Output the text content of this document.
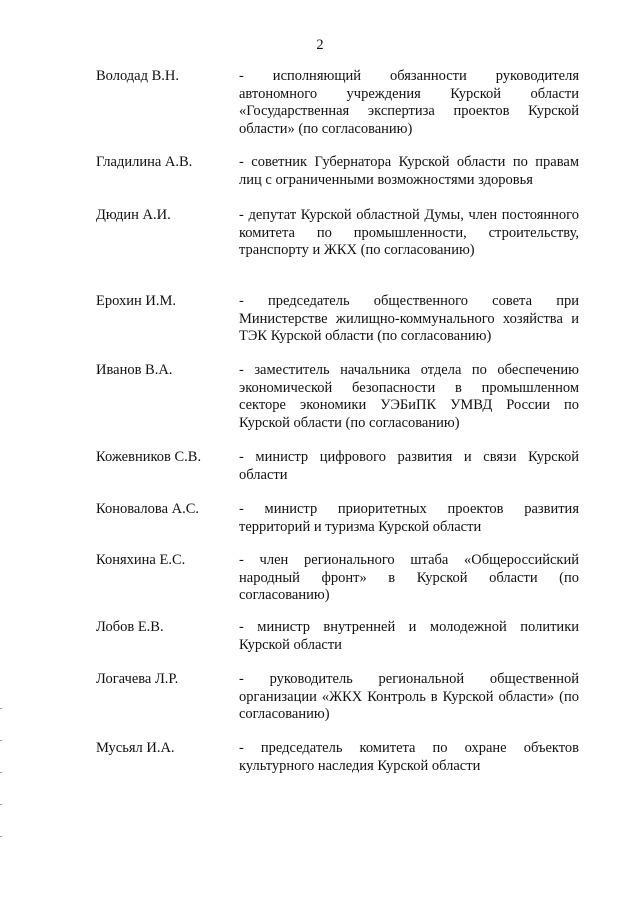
2
Володад В.Н.	- исполняющий обязанности руководителя автономного учреждения Курской области «Государственная экспертиза проектов Курской области» (по согласованию)
Гладилина А.В.	- советник Губернатора Курской области по правам лиц с ограниченными возможностями здоровья
Дюдин А.И.	- депутат Курской областной Думы, член постоянного комитета по промышленности, строительству, транспорту и ЖКХ (по согласованию)
Ерохин И.М.	- председатель общественного совета при Министерстве жилищно-коммунального хозяйства и ТЭК Курской области (по согласованию)
Иванов В.А.	- заместитель начальника отдела по обеспечению экономической безопасности в промышленном секторе экономики УЭБиПК УМВД России по Курской области (по согласованию)
Кожевников С.В.	- министр цифрового развития и связи Курской области
Коновалова А.С.	- министр приоритетных проектов развития территорий и туризма Курской области
Коняхина Е.С.	- член регионального штаба «Общероссийский народный фронт» в Курской области (по согласованию)
Лобов Е.В.	- министр внутренней и молодежной политики Курской области
Логачева Л.Р.	- руководитель региональной общественной организации «ЖКХ Контроль в Курской области» (по согласованию)
Мусьял И.А.	- председатель комитета по охране объектов культурного наследия Курской области
